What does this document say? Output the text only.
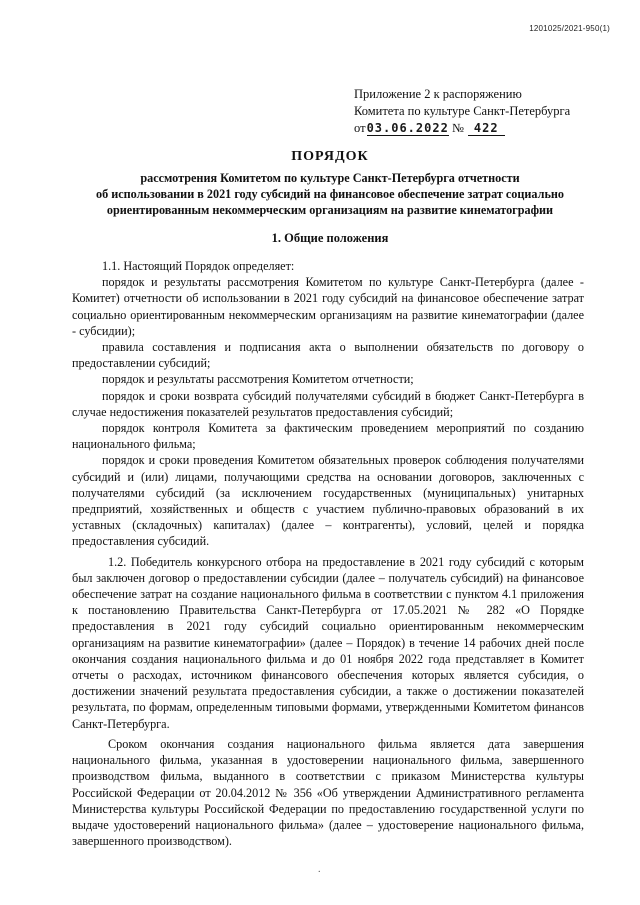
1201025/2021-950(1)
Приложение 2 к распоряжению
Комитета по культуре Санкт-Петербурга
от03.06.2022 № 422
ПОРЯДОК
рассмотрения Комитетом по культуре Санкт-Петербурга отчетности
об использовании в 2021 году субсидий на финансовое обеспечение затрат социально
ориентированным некоммерческим организациям на развитие кинематографии
1. Общие положения

1.1. Настоящий Порядок определяет:

порядок и результаты рассмотрения Комитетом по культуре Санкт-Петербурга (далее - Комитет) отчетности об использовании в 2021 году субсидий на финансовое обеспечение затрат социально ориентированным некоммерческим организациям на развитие кинематографии (далее - субсидии);

правила составления и подписания акта о выполнении обязательств по договору о предоставлении субсидий;

порядок и результаты рассмотрения Комитетом отчетности;

порядок и сроки возврата субсидий получателями субсидий в бюджет Санкт-Петербурга в случае недостижения показателей результатов предоставления субсидий;

порядок контроля Комитета за фактическим проведением мероприятий по созданию национального фильма;

порядок и сроки проведения Комитетом обязательных проверок соблюдения получателями субсидий и (или) лицами, получающими средства на основании договоров, заключенных с получателями субсидий (за исключением государственных (муниципальных) унитарных предприятий, хозяйственных и обществ с участием публично-правовых образований в их уставных (складочных) капиталах) (далее – контрагенты), условий, целей и порядка предоставления субсидий.

1.2. Победитель конкурсного отбора на предоставление в 2021 году субсидий с которым был заключен договор о предоставлении субсидии (далее – получатель субсидий) на финансовое обеспечение затрат на создание национального фильма в соответствии с пунктом 4.1 приложения к постановлению Правительства Санкт-Петербурга от 17.05.2021 № 282 «О Порядке предоставления в 2021 году субсидий социально ориентированным некоммерческим организациям на развитие кинематографии» (далее – Порядок) в течение 14 рабочих дней после окончания создания национального фильма и до 01 ноября 2022 года представляет в Комитет отчеты о расходах, источником финансового обеспечения которых является субсидия, о достижении значений результата предоставления субсидии, а также о достижении показателей результата, по формам, определенным типовыми формами, утвержденными Комитетом финансов Санкт-Петербурга.

Сроком окончания создания национального фильма является дата завершения национального фильма, указанная в удостоверении национального фильма, завершенного производством фильма, выданного в соответствии с приказом Министерства культуры Российской Федерации от 20.04.2012 № 356 «Об утверждении Административного регламента Министерства культуры Российской Федерации по предоставлению государственной услуги по выдаче удостоверений национального фильма» (далее – удостоверение национального фильма, завершенного производством).

.
